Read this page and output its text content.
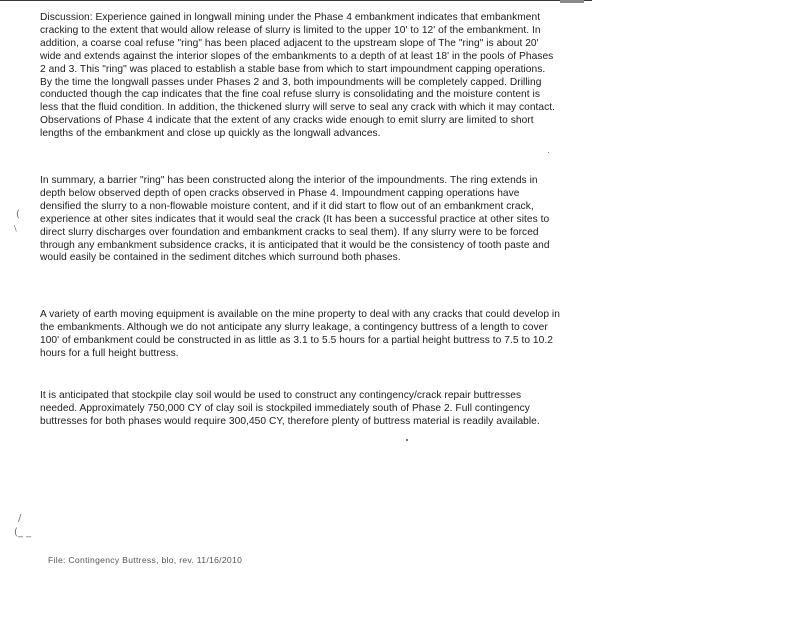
Discussion: Experience gained in longwall mining under the Phase 4 embankment indicates that embankment cracking to the extent that would allow release of slurry is limited to the upper 10' to 12' of the embankment. In addition, a coarse coal refuse "ring" has been placed adjacent to the upstream slope of The "ring" is about 20' wide and extends against the interior slopes of the embankments to a depth of at least 18' in the pools of Phases 2 and 3. This "ring" was placed to establish a stable base from which to start impoundment capping operations. By the time the longwall passes under Phases 2 and 3, both impoundments will be completely capped. Drilling conducted though the cap indicates that the fine coal refuse slurry is consolidating and the moisture content is less that the fluid condition. In addition, the thickened slurry will serve to seal any crack with which it may contact. Observations of Phase 4 indicate that the extent of any cracks wide enough to emit slurry are limited to short lengths of the embankment and close up quickly as the longwall advances.

In summary, a barrier "ring" has been constructed along the interior of the impoundments. The ring extends in depth below observed depth of open cracks observed in Phase 4. Impoundment capping operations have densified the slurry to a non-flowable moisture content, and if it did start to flow out of an embankment crack, experience at other sites indicates that it would seal the crack (It has been a successful practice at other sites to direct slurry discharges over foundation and embankment cracks to seal them). If any slurry were to be forced through any embankment subsidence cracks, it is anticipated that it would be the consistency of tooth paste and would easily be contained in the sediment ditches which surround both phases.

A variety of earth moving equipment is available on the mine property to deal with any cracks that could develop in the embankments. Although we do not anticipate any slurry leakage, a contingency buttress of a length to cover 100' of embankment could be constructed in as little as 3.1 to 5.5 hours for a partial height buttress to 7.5 to 10.2 hours for a full height buttress.

It is anticipated that stockpile clay soil would be used to construct any contingency/crack repair buttresses needed. Approximately 750,000 CY of clay soil is stockpiled immediately south of Phase 2. Full contingency buttresses for both phases would require 300,450 CY, therefore plenty of buttress material is readily available.

(
\
/
(_ _
File: Contingency Buttress, blo, rev. 11/16/2010
